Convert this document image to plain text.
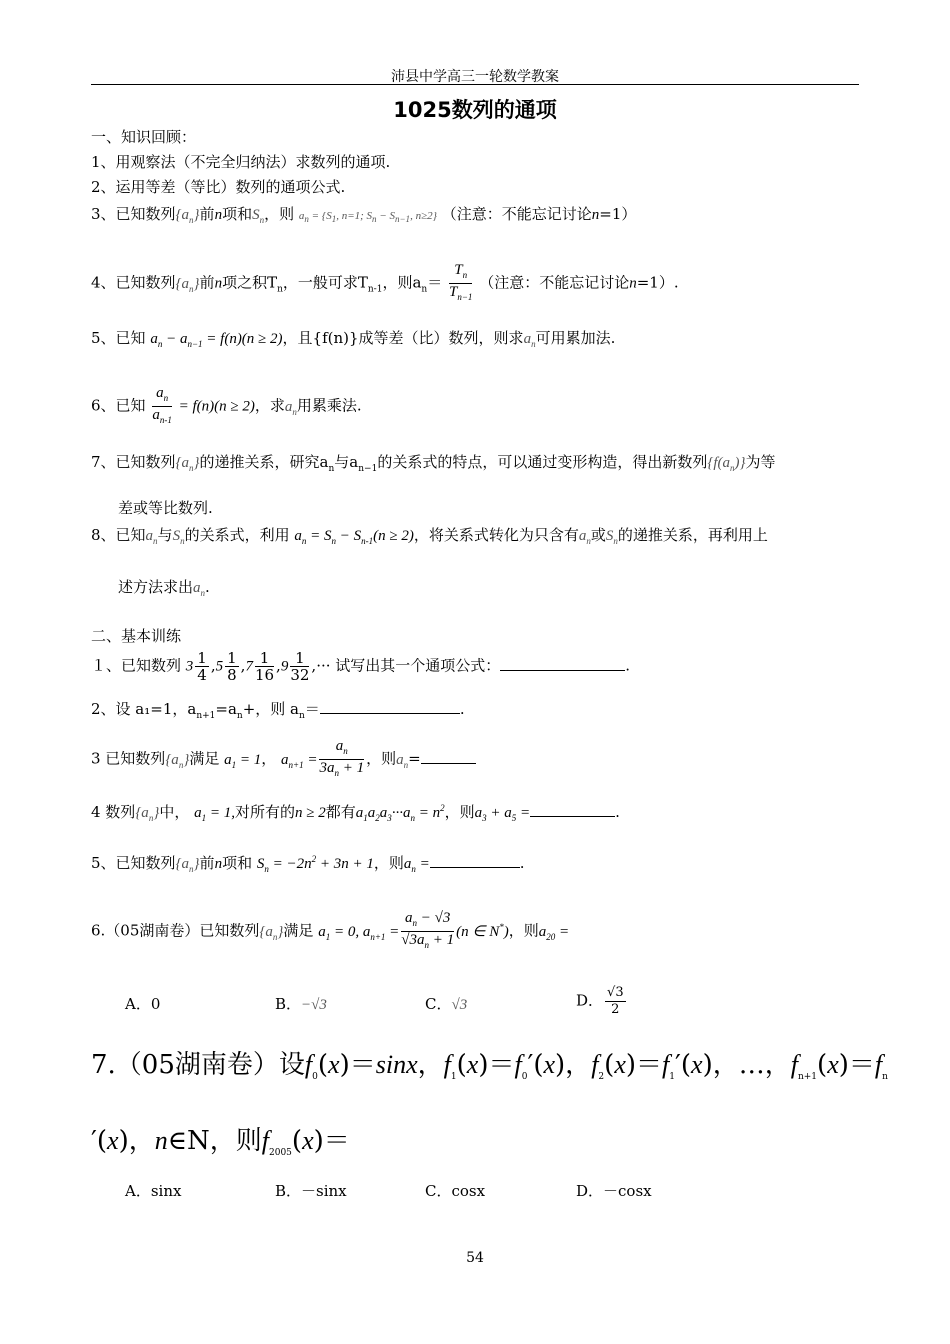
沛县中学高三一轮数学教案
1025数列的通项
一、知识回顾：
1、用观察法（不完全归纳法）求数列的通项.
2、运用等差（等比）数列的通项公式.
3、已知数列$\{a_n\}$前n项和$S_n$，则 $a_n = \{S_1$, n=1; $S_n - S_{n-1}$, n≥2} （注意：不能忘记讨论n=1）
4、已知数列$\{a_n\}$前n项之积$T_n$，一般可求$T_{n-1}$，则$a_n= \frac{T_n}{T_{n-1}}$ （注意：不能忘记讨论n=1）.
5、已知 $a_n - a_{n-1} = f(n)(n \ge 2)$，且{f(n)}成等差（比）数列，则求$a_n$可用累加法.
6、已知 $\frac{a_n}{a_{n-1}} = f(n)(n \ge 2)$，求$a_n$用累乘法.
7、已知数列$\{a_n\}$的递推关系，研究$a_n$与$a_{n-1}$的关系式的特点，可以通过变形构造，得出新数列$\{f(a_n)\}$为等
差或等比数列.
8、已知$a_n$与$S_n$的关系式，利用 $a_n = S_n - S_{n-1}(n \ge 2)$，将关系式转化为只含有$a_n$或$S_n$的递推关系，再利用上
述方法求出$a_n$.
二、基本训练
１、已知数列 $3 \frac{1}{4} ,5 \frac{1}{8} ,7 \frac{1}{16} ,9 \frac{1}{32}$ ,··· 试写出其一个通项公式：	.
2、设 a₁=1，$a_{n+1}=a_n+$，则 $a_n=$	.
3 已知数列$\{a_n\}$满足 $a_1 = 1$， $a_{n+1} = \frac{a_n}{3a_n + 1}$ ，则$a_n=$
4 数列$\{a_n\}$中， $a_1 = 1$,对所有的n ≥ 2都有$a_1a_2a_3\cdot\cdot\cdot a_n = n^2$，则$a_3 + a_5$ =	.
5、已知数列$\{a_n\}$前n项和 $S_n = -2n^2 + 3n + 1$，则$a_n$ =	.
6.（05湖南卷）已知数列$\{a_n\}$满足 $a_1 = 0$, $a_{n+1} = \frac{a_n - √3}{√3a_n + 1} (n$ ∈ N*)，则$a_{20}$ =
A．0	B．−√3	C．√3	D． $\frac{√3}{2}$
7.（05湖南卷）设$f_0(x)=\sin x$，$f_1(x)=f_0'(x)$，$f_2(x)=f_1'(x)$，…，$f_{n+1}(x)=f_n$
′(x)，n∈N，则$f_{2005}(x)=$
A．sinx	B．－sinx	C．cosx	D．－cosx
54
